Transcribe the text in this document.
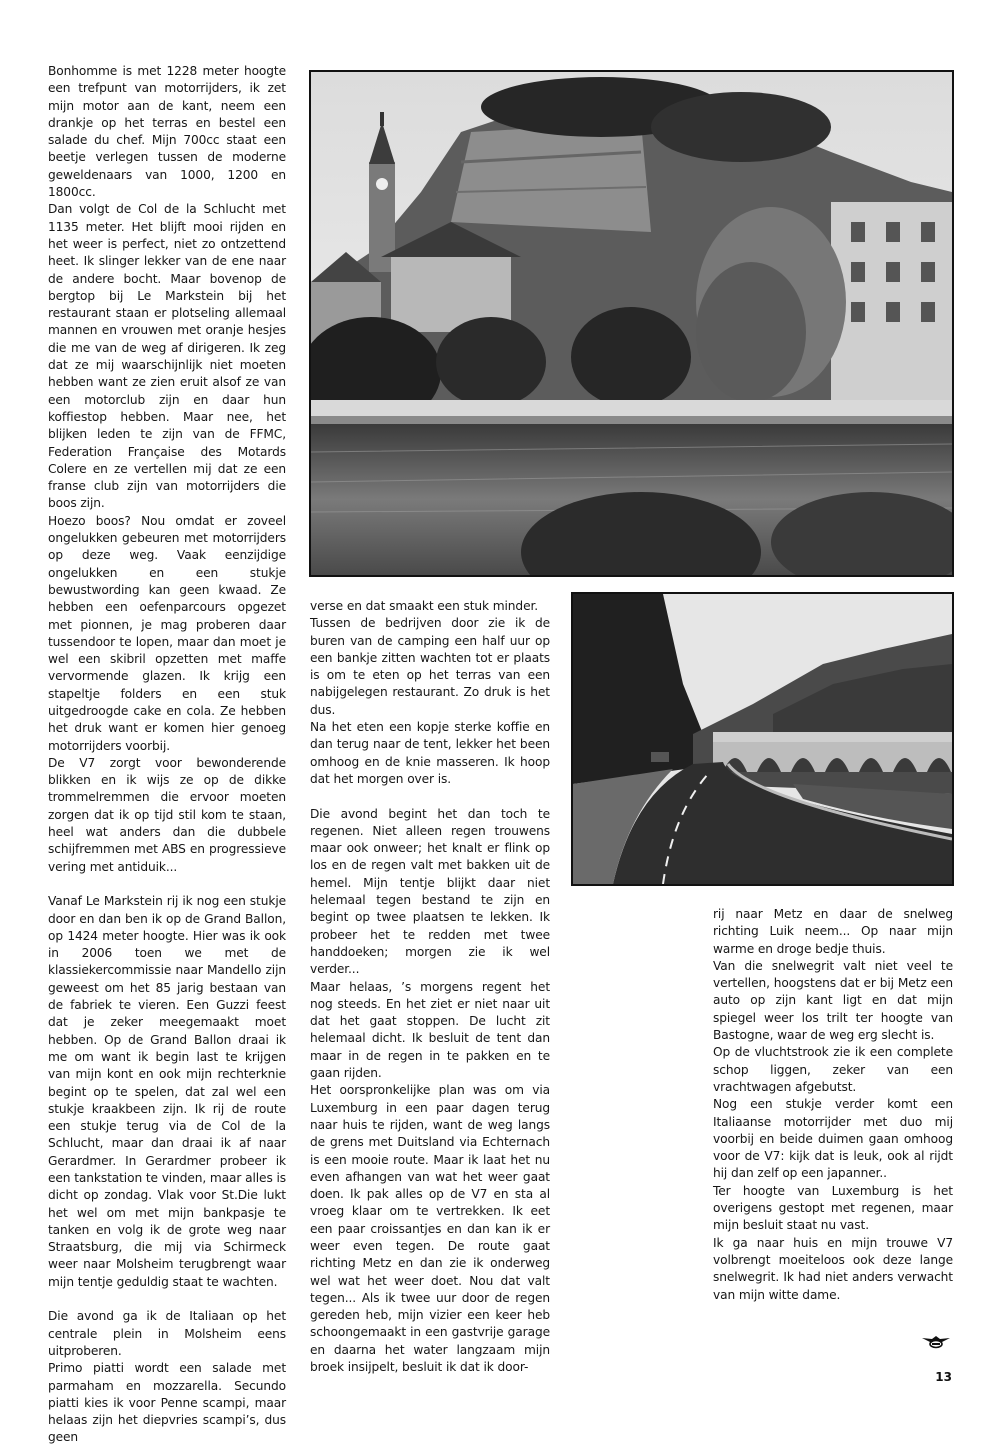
Bonhomme is met 1228 meter hoogte een trefpunt van motorrijders, ik zet mijn motor aan de kant, neem een drankje op het terras en bestel een salade du chef. Mijn 700cc staat een beetje verlegen tussen de moderne geweldenaars van 1000, 1200 en 1800cc.

Dan volgt de Col de la Schlucht met 1135 meter. Het blijft mooi rijden en het weer is perfect, niet zo ontzettend heet. Ik slinger lekker van de ene naar de andere bocht. Maar bovenop de bergtop bij Le Markstein bij het restaurant staan er plotseling allemaal mannen en vrouwen met oranje hesjes die me van de weg af dirigeren. Ik zeg dat ze mij waarschijnlijk niet moeten hebben want ze zien eruit alsof ze van een motorclub zijn en daar hun koffiestop hebben. Maar nee, het blijken leden te zijn van de FFMC, Federation Française des Motards Colere en ze vertellen mij dat ze een franse club zijn van motorrijders die boos zijn.

Hoezo boos? Nou omdat er zoveel ongelukken gebeuren met motorrijders op deze weg. Vaak eenzijdige ongelukken en een stukje bewustwording kan geen kwaad. Ze hebben een oefenparcours opgezet met pionnen, je mag proberen daar tussendoor te lopen, maar dan moet je wel een skibril opzetten met maffe vervormende glazen. Ik krijg een stapeltje folders en een stuk uitgedroogde cake en cola. Ze hebben het druk want er komen hier genoeg motorrijders voorbij.

De V7 zorgt voor bewonderende blikken en ik wijs ze op de dikke trommelremmen die ervoor moeten zorgen dat ik op tijd stil kom te staan, heel wat anders dan die dubbele schijfremmen met ABS en progressieve vering met antiduik...

Vanaf Le Markstein rij ik nog een stukje door en dan ben ik op de Grand Ballon, op 1424 meter hoogte. Hier was ik ook in 2006 toen we met de klassiekercommissie naar Mandello zijn geweest om het 85 jarig bestaan van de fabriek te vieren. Een Guzzi feest dat je zeker meegemaakt moet hebben. Op de Grand Ballon draai ik me om want ik begin last te krijgen van mijn kont en ook mijn rechterknie begint op te spelen, dat zal wel een stukje kraakbeen zijn. Ik rij de route een stukje terug via de Col de la Schlucht, maar dan draai ik af naar Gerardmer. In Gerardmer probeer ik een tankstation te vinden, maar alles is dicht op zondag. Vlak voor St.Die lukt het wel om met mijn bankpasje te tanken en volg ik de grote weg naar Straatsburg, die mij via Schirmeck weer naar Molsheim terugbrengt waar mijn tentje geduldig staat te wachten.

Die avond ga ik de Italiaan op het centrale plein in Molsheim eens uitproberen.

Primo piatti wordt een salade met parmaham en mozzarella. Secundo piatti kies ik voor Penne scampi, maar helaas zijn het diepvries scampi’s, dus geen

verse en dat smaakt een stuk minder.

Tussen de bedrijven door zie ik de buren van de camping een half uur op een bankje zitten wachten tot er plaats is om te eten op het terras van een nabijgelegen restaurant. Zo druk is het dus.

Na het eten een kopje sterke koffie en dan terug naar de tent, lekker het been omhoog en de knie masseren. Ik hoop dat het morgen over is.

Die avond begint het dan toch te regenen. Niet alleen regen trouwens maar ook onweer; het knalt er flink op los en de regen valt met bakken uit de hemel. Mijn tentje blijkt daar niet helemaal tegen bestand te zijn en begint op twee plaatsen te lekken. Ik probeer het te redden met twee handdoeken; morgen zie ik wel verder...

Maar helaas, ’s morgens regent het nog steeds. En het ziet er niet naar uit dat het gaat stoppen. De lucht zit helemaal dicht. Ik besluit de tent dan maar in de regen in te pakken en te gaan rijden.

Het oorspronkelijke plan was om via Luxemburg in een paar dagen terug naar huis te rijden, want de weg langs de grens met Duitsland via Echternach is een mooie route. Maar ik laat het nu even afhangen van wat het weer gaat doen. Ik pak alles op de V7 en sta al vroeg klaar om te vertrekken. Ik eet een paar croissantjes en dan kan ik er weer even tegen. De route gaat richting Metz en dan zie ik onderweg wel wat het weer doet. Nou dat valt tegen... Als ik twee uur door de regen gereden heb, mijn vizier een keer heb schoongemaakt in een gastvrije garage en daarna het water langzaam mijn broek insijpelt, besluit ik dat ik door-

rij naar Metz en daar de snelweg richting Luik neem... Op naar mijn warme en droge bedje thuis.

Van die snelwegrit valt niet veel te vertellen, hoogstens dat er bij Metz een auto op zijn kant ligt en dat mijn spiegel weer los trilt ter hoogte van Bastogne, waar de weg erg slecht is.

Op de vluchtstrook zie ik een complete schop liggen, zeker van een vrachtwagen afgebutst.

Nog een stukje verder komt een Italiaanse motorrijder met duo mij voorbij en beide duimen gaan omhoog voor de V7: kijk dat is leuk, ook al rijdt hij dan zelf op een japanner..

Ter hoogte van Luxemburg is het overigens gestopt met regenen, maar mijn besluit staat nu vast.

Ik ga naar huis en mijn trouwe V7 volbrengt moeiteloos ook deze lange snelwegrit. Ik had niet anders verwacht van mijn witte dame.

13
